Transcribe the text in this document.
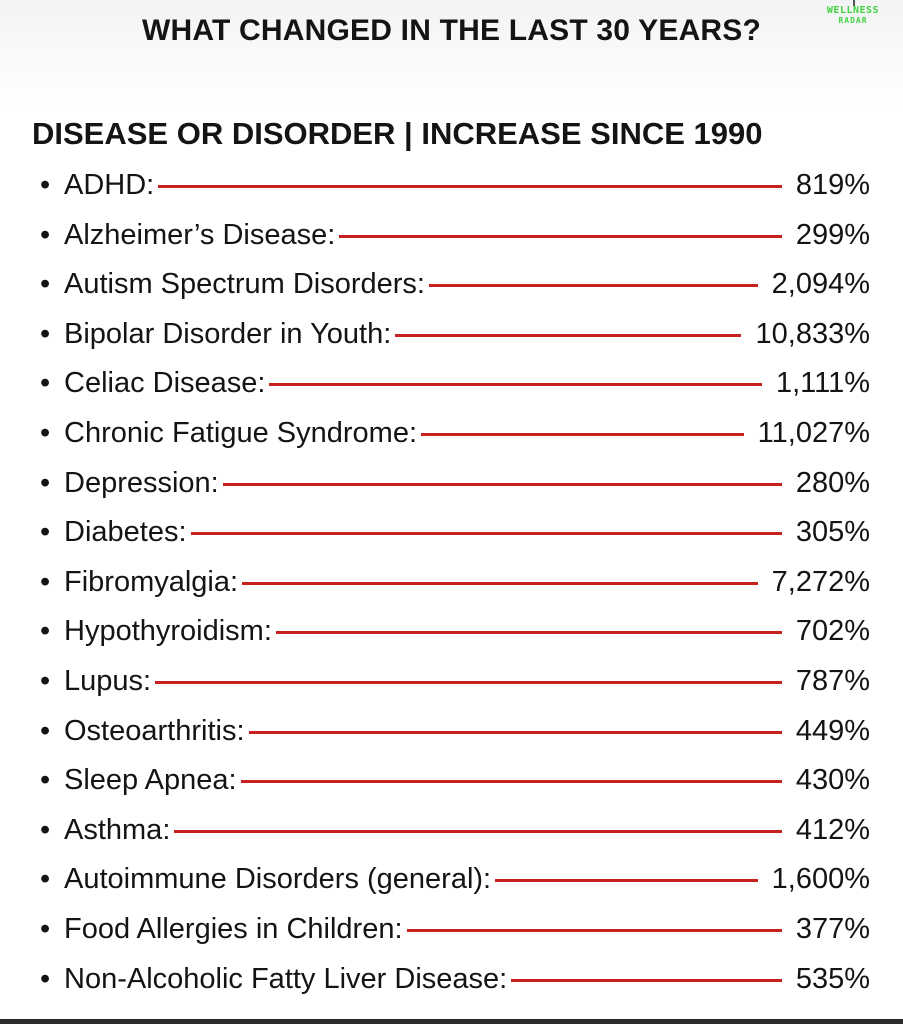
WHAT CHANGED IN THE LAST 30 YEARS?
WELLNESS
RADAR
DISEASE OR DISORDER | INCREASE SINCE 1990
• ADHD:	819%
• Alzheimer’s Disease:	299%
• Autism Spectrum Disorders:	2,094%
• Bipolar Disorder in Youth:	10,833%
• Celiac Disease:	1,111%
• Chronic Fatigue Syndrome:	11,027%
• Depression:	280%
• Diabetes:	305%
• Fibromyalgia:	7,272%
• Hypothyroidism:	702%
• Lupus:	787%
• Osteoarthritis:	449%
• Sleep Apnea:	430%
• Asthma:	412%
• Autoimmune Disorders (general):	1,600%
• Food Allergies in Children:	377%
• Non-Alcoholic Fatty Liver Disease:	535%
